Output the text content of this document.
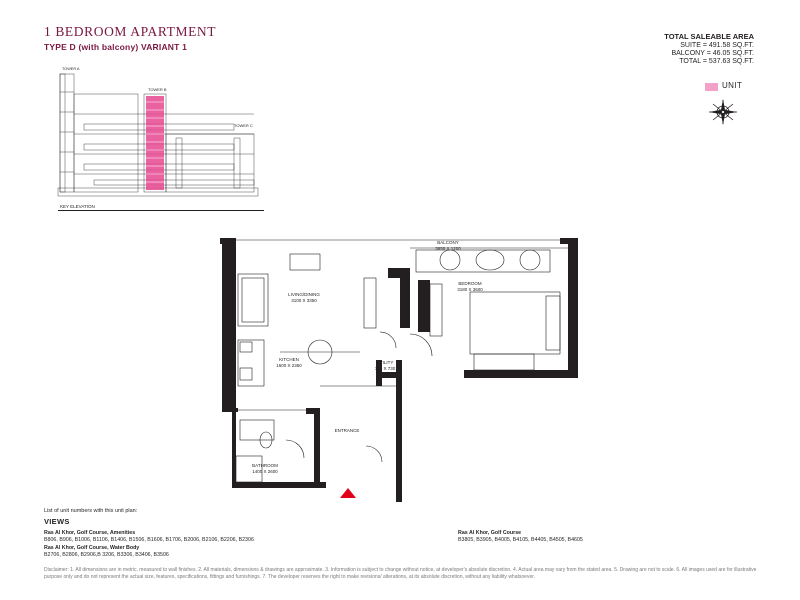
1 BEDROOM APARTMENT
TYPE D (with balcony) VARIANT 1
TOTAL SALEABLE AREA
SUITE = 491.58 SQ.FT.
BALCONY = 46.05 SQ.FT.
TOTAL = 537.63 SQ.FT.
UNIT
TOWER A
TOWER B
TOWER C
KEY ELEVATION
BALCONY
3650 X 1200
LIVING/DINING
3100 X 3350
BEDROOM
3180 X 3600
KITCHEN
1600 X 2350
UTILITY
700 X 730
ENTRANCE
BATHROOM
1400 X 2600
List of unit numbers with this unit plan:
VIEWS
Ras Al Khor, Golf Course, Amenities
B806, B906, B1006, B1106, B1406, B1506, B1606, B1706, B2006, B2106, B2206, B2306
Ras Al Khor, Golf Course, Water Body
B2706, B2806, B2906,B 3206, B3306, B3406, B3506
Ras Al Khor, Golf Course
B3805, B3905, B4005, B4105, B4405, B4505, B4605
Disclaimer: 1. All dimensions are in metric, measured to wall finishes. 2. All materials, dimensions & drawings are approximate. 3. Information is subject to change without notice, at developer's absolute discretion. 4. Actual area may vary from the stated area. 5. Drawing are not to scale. 6. All images used are for illustrative purpose only and do not represent the actual size, features, specifications, fittings and furnishings. 7. The developer reserves the right to make revisions/ alterations, at its absolute discretion, without any liability whatsoever.
